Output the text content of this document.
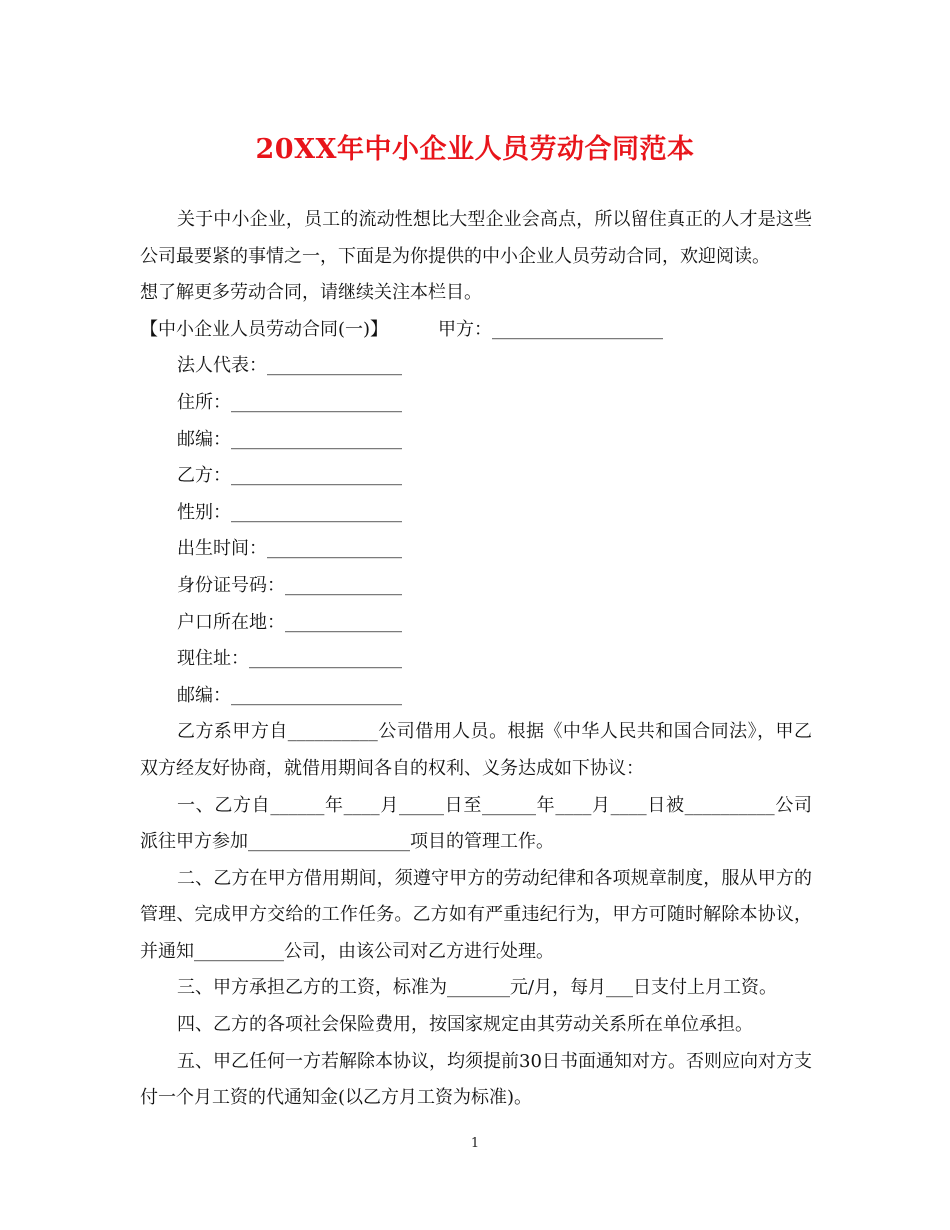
20XX年中小企业人员劳动合同范本

关于中小企业，员工的流动性想比大型企业会高点，所以留住真正的人才是这些公司最要紧的事情之一，下面是为你提供的中小企业人员劳动合同，欢迎阅读。
想了解更多劳动合同，请继续关注本栏目。

【中小企业人员劳动合同(一)】	甲方：___________________

法人代表：_______________

住所：___________________

邮编：___________________

乙方：___________________

性别：___________________

出生时间：_______________

身份证号码：_____________

户口所在地：_____________

现住址：_________________

邮编：___________________

乙方系甲方自__________公司借用人员。根据《中华人民共和国合同法》，甲乙双方经友好协商，就借用期间各自的权利、义务达成如下协议：

一、乙方自______年____月_____日至______年____月____日被__________公司派往甲方参加__________________项目的管理工作。

二、乙方在甲方借用期间，须遵守甲方的劳动纪律和各项规章制度，服从甲方的管理、完成甲方交给的工作任务。乙方如有严重违纪行为，甲方可随时解除本协议，并通知__________公司，由该公司对乙方进行处理。

三、甲方承担乙方的工资，标准为_______元/月，每月___日支付上月工资。

四、乙方的各项社会保险费用，按国家规定由其劳动关系所在单位承担。

五、甲乙任何一方若解除本协议，均须提前30日书面通知对方。否则应向对方支付一个月工资的代通知金(以乙方月工资为标准)。

1
